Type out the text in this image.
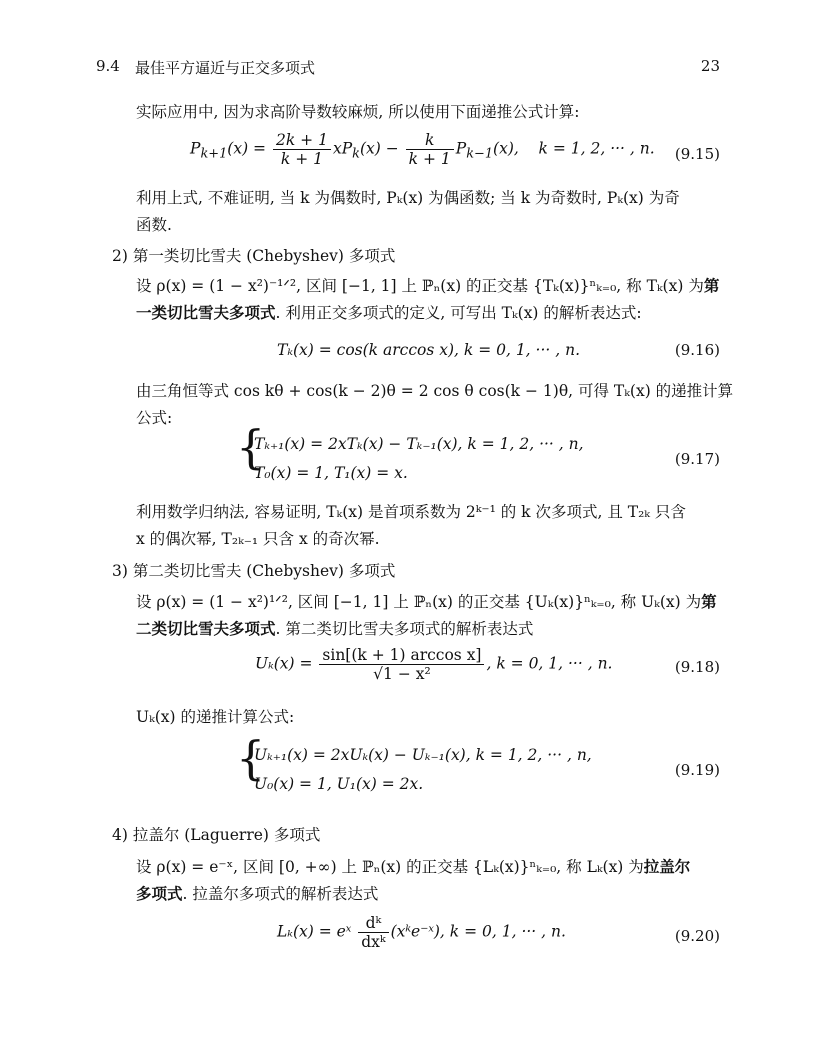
9.4 最佳平方逼近与正交多项式	23
实际应用中, 因为求高阶导数较麻烦, 所以使用下面递推公式计算:
$P_{k+1}(x) = \frac{2k + 1}{k + 1} xP_k(x) - \frac{k}{k + 1} P_{k-1}(x)$,    k = 1, 2, ··· , n. (9.15)
利用上式, 不难证明, 当 k 为偶数时, Pₖ(x) 为偶函数; 当 k 为奇数时, Pₖ(x) 为奇
函数.
2) 第一类切比雪夫 (Chebyshev) 多项式
设 ρ(x) = (1 − x²)⁻¹ᐟ², 区间 [−1, 1] 上 ℙₙ(x) 的正交基 {Tₖ(x)}ⁿₖ₌₀, 称 Tₖ(x) 为第
一类切比雪夫多项式. 利用正交多项式的定义, 可写出 Tₖ(x) 的解析表达式:
Tₖ(x) = cos(k arccos x), k = 0, 1, ··· , n.	(9.16)
由三角恒等式 cos kθ + cos(k − 2)θ = 2 cos θ cos(k − 1)θ, 可得 Tₖ(x) 的递推计算
公式:
{
Tₖ₊₁(x) = 2xTₖ(x) − Tₖ₋₁(x), k = 1, 2, ··· , n,
T₀(x) = 1, T₁(x) = x.
(9.17)
利用数学归纳法, 容易证明, Tₖ(x) 是首项系数为 2ᵏ⁻¹ 的 k 次多项式, 且 T₂ₖ 只含
x 的偶次幂, T₂ₖ₋₁ 只含 x 的奇次幂.
3) 第二类切比雪夫 (Chebyshev) 多项式
设 ρ(x) = (1 − x²)¹ᐟ², 区间 [−1, 1] 上 ℙₙ(x) 的正交基 {Uₖ(x)}ⁿₖ₌₀, 称 Uₖ(x) 为第
二类切比雪夫多项式. 第二类切比雪夫多项式的解析表达式
$U_k(x) = \frac{\text{sin[(k + 1) arccos x]}}{\text{√1 − x²}}$ , k = 0, 1, ··· , n.	(9.18)
Uₖ(x) 的递推计算公式:
{
Uₖ₊₁(x) = 2xUₖ(x) − Uₖ₋₁(x), k = 1, 2, ··· , n,
U₀(x) = 1, U₁(x) = 2x.
(9.19)
4) 拉盖尔 (Laguerre) 多项式
设 ρ(x) = e⁻ˣ, 区间 [0, +∞) 上 ℙₙ(x) 的正交基 {Lₖ(x)}ⁿₖ₌₀, 称 Lₖ(x) 为拉盖尔
多项式. 拉盖尔多项式的解析表达式
Lₖ(x) = eˣ $\frac{\text{dᵏ}}{\text{dxᵏ}}$ (xᵏe⁻ˣ), k = 0, 1, ··· , n.	(9.20)
